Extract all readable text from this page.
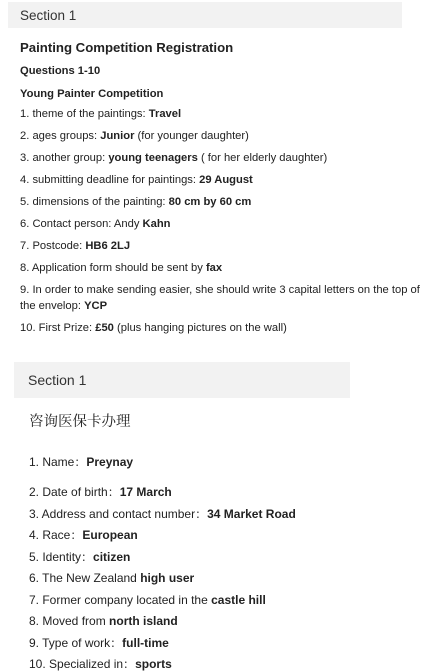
Section 1
Painting Competition Registration
Questions 1-10
Young Painter Competition
1. theme of the paintings: Travel
2. ages groups: Junior (for younger daughter)
3. another group: young teenagers ( for her elderly daughter)
4. submitting deadline for paintings: 29 August
5. dimensions of the painting: 80 cm by 60 cm
6. Contact person: Andy Kahn
7. Postcode: HB6 2LJ
8. Application form should be sent by fax
9. In order to make sending easier, she should write 3 capital letters on the top of the envelop: YCP
10. First Prize: £50 (plus hanging pictures on the wall)
Section 1
咨询医保卡办理
1. Name：Preynay
2. Date of birth：17 March
3. Address and contact number：34 Market Road
4. Race：European
5. Identity：citizen
6. The New Zealand high user
7. Former company located in the castle hill
8. Moved from north island
9. Type of work：full-time
10. Specialized in：sports
